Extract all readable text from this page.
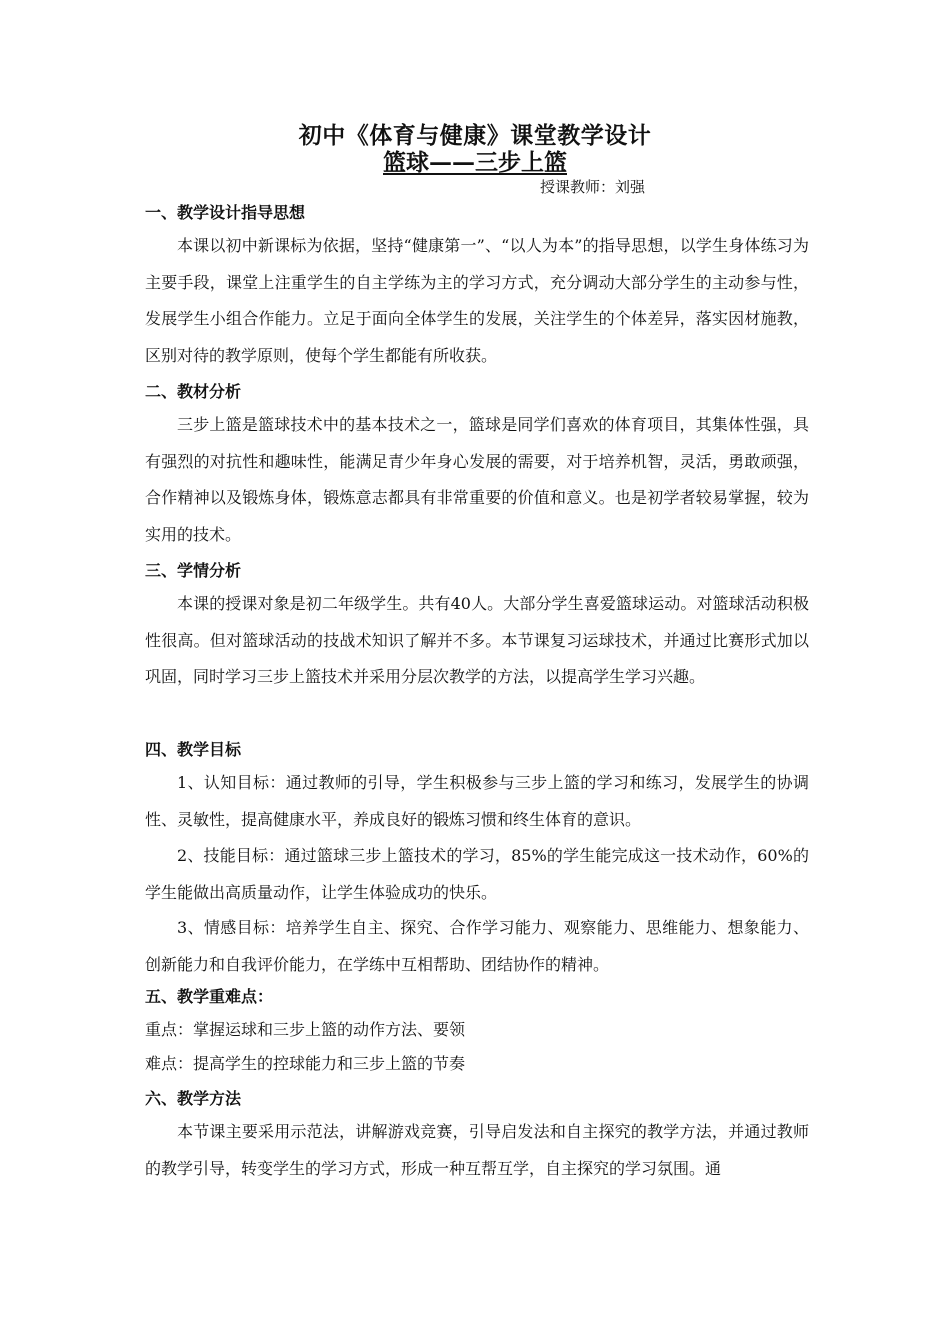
初中《体育与健康》课堂教学设计
篮球——三步上篮
授课教师：刘强
一、教学设计指导思想
本课以初中新课标为依据，坚持“健康第一”、“以人为本”的指导思想，以学生身体练习为主要手段，课堂上注重学生的自主学练为主的学习方式，充分调动大部分学生的主动参与性，发展学生小组合作能力。立足于面向全体学生的发展，关注学生的个体差异，落实因材施教，区别对待的教学原则，使每个学生都能有所收获。
二、教材分析
三步上篮是篮球技术中的基本技术之一，篮球是同学们喜欢的体育项目，其集体性强，具有强烈的对抗性和趣味性，能满足青少年身心发展的需要，对于培养机智，灵活，勇敢顽强，合作精神以及锻炼身体，锻炼意志都具有非常重要的价值和意义。也是初学者较易掌握，较为实用的技术。
三、学情分析
本课的授课对象是初二年级学生。共有40人。大部分学生喜爱篮球运动。对篮球活动积极性很高。但对篮球活动的技战术知识了解并不多。本节课复习运球技术，并通过比赛形式加以巩固，同时学习三步上篮技术并采用分层次教学的方法，以提高学生学习兴趣。
四、教学目标
1、认知目标：通过教师的引导，学生积极参与三步上篮的学习和练习，发展学生的协调性、灵敏性，提高健康水平，养成良好的锻炼习惯和终生体育的意识。
2、技能目标：通过篮球三步上篮技术的学习，85%的学生能完成这一技术动作，60%的学生能做出高质量动作，让学生体验成功的快乐。
3、情感目标：培养学生自主、探究、合作学习能力、观察能力、思维能力、想象能力、创新能力和自我评价能力，在学练中互相帮助、团结协作的精神。
五、教学重难点：
重点：掌握运球和三步上篮的动作方法、要领
难点：提高学生的控球能力和三步上篮的节奏
六、教学方法
本节课主要采用示范法，讲解游戏竞赛，引导启发法和自主探究的教学方法，并通过教师的教学引导，转变学生的学习方式，形成一种互帮互学，自主探究的学习氛围。通
